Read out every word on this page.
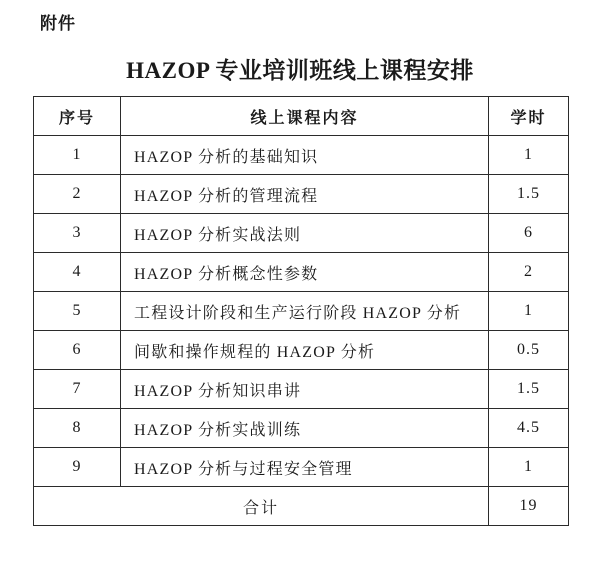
附件
HAZOP 专业培训班线上课程安排
序号	线上课程内容	学时
1	HAZOP 分析的基础知识	1
2	HAZOP 分析的管理流程	1.5
3	HAZOP 分析实战法则	6
4	HAZOP 分析概念性参数	2
5	工程设计阶段和生产运行阶段 HAZOP 分析	1
6	间歇和操作规程的 HAZOP 分析	0.5
7	HAZOP 分析知识串讲	1.5
8	HAZOP 分析实战训练	4.5
9	HAZOP 分析与过程安全管理	1
合计		19
